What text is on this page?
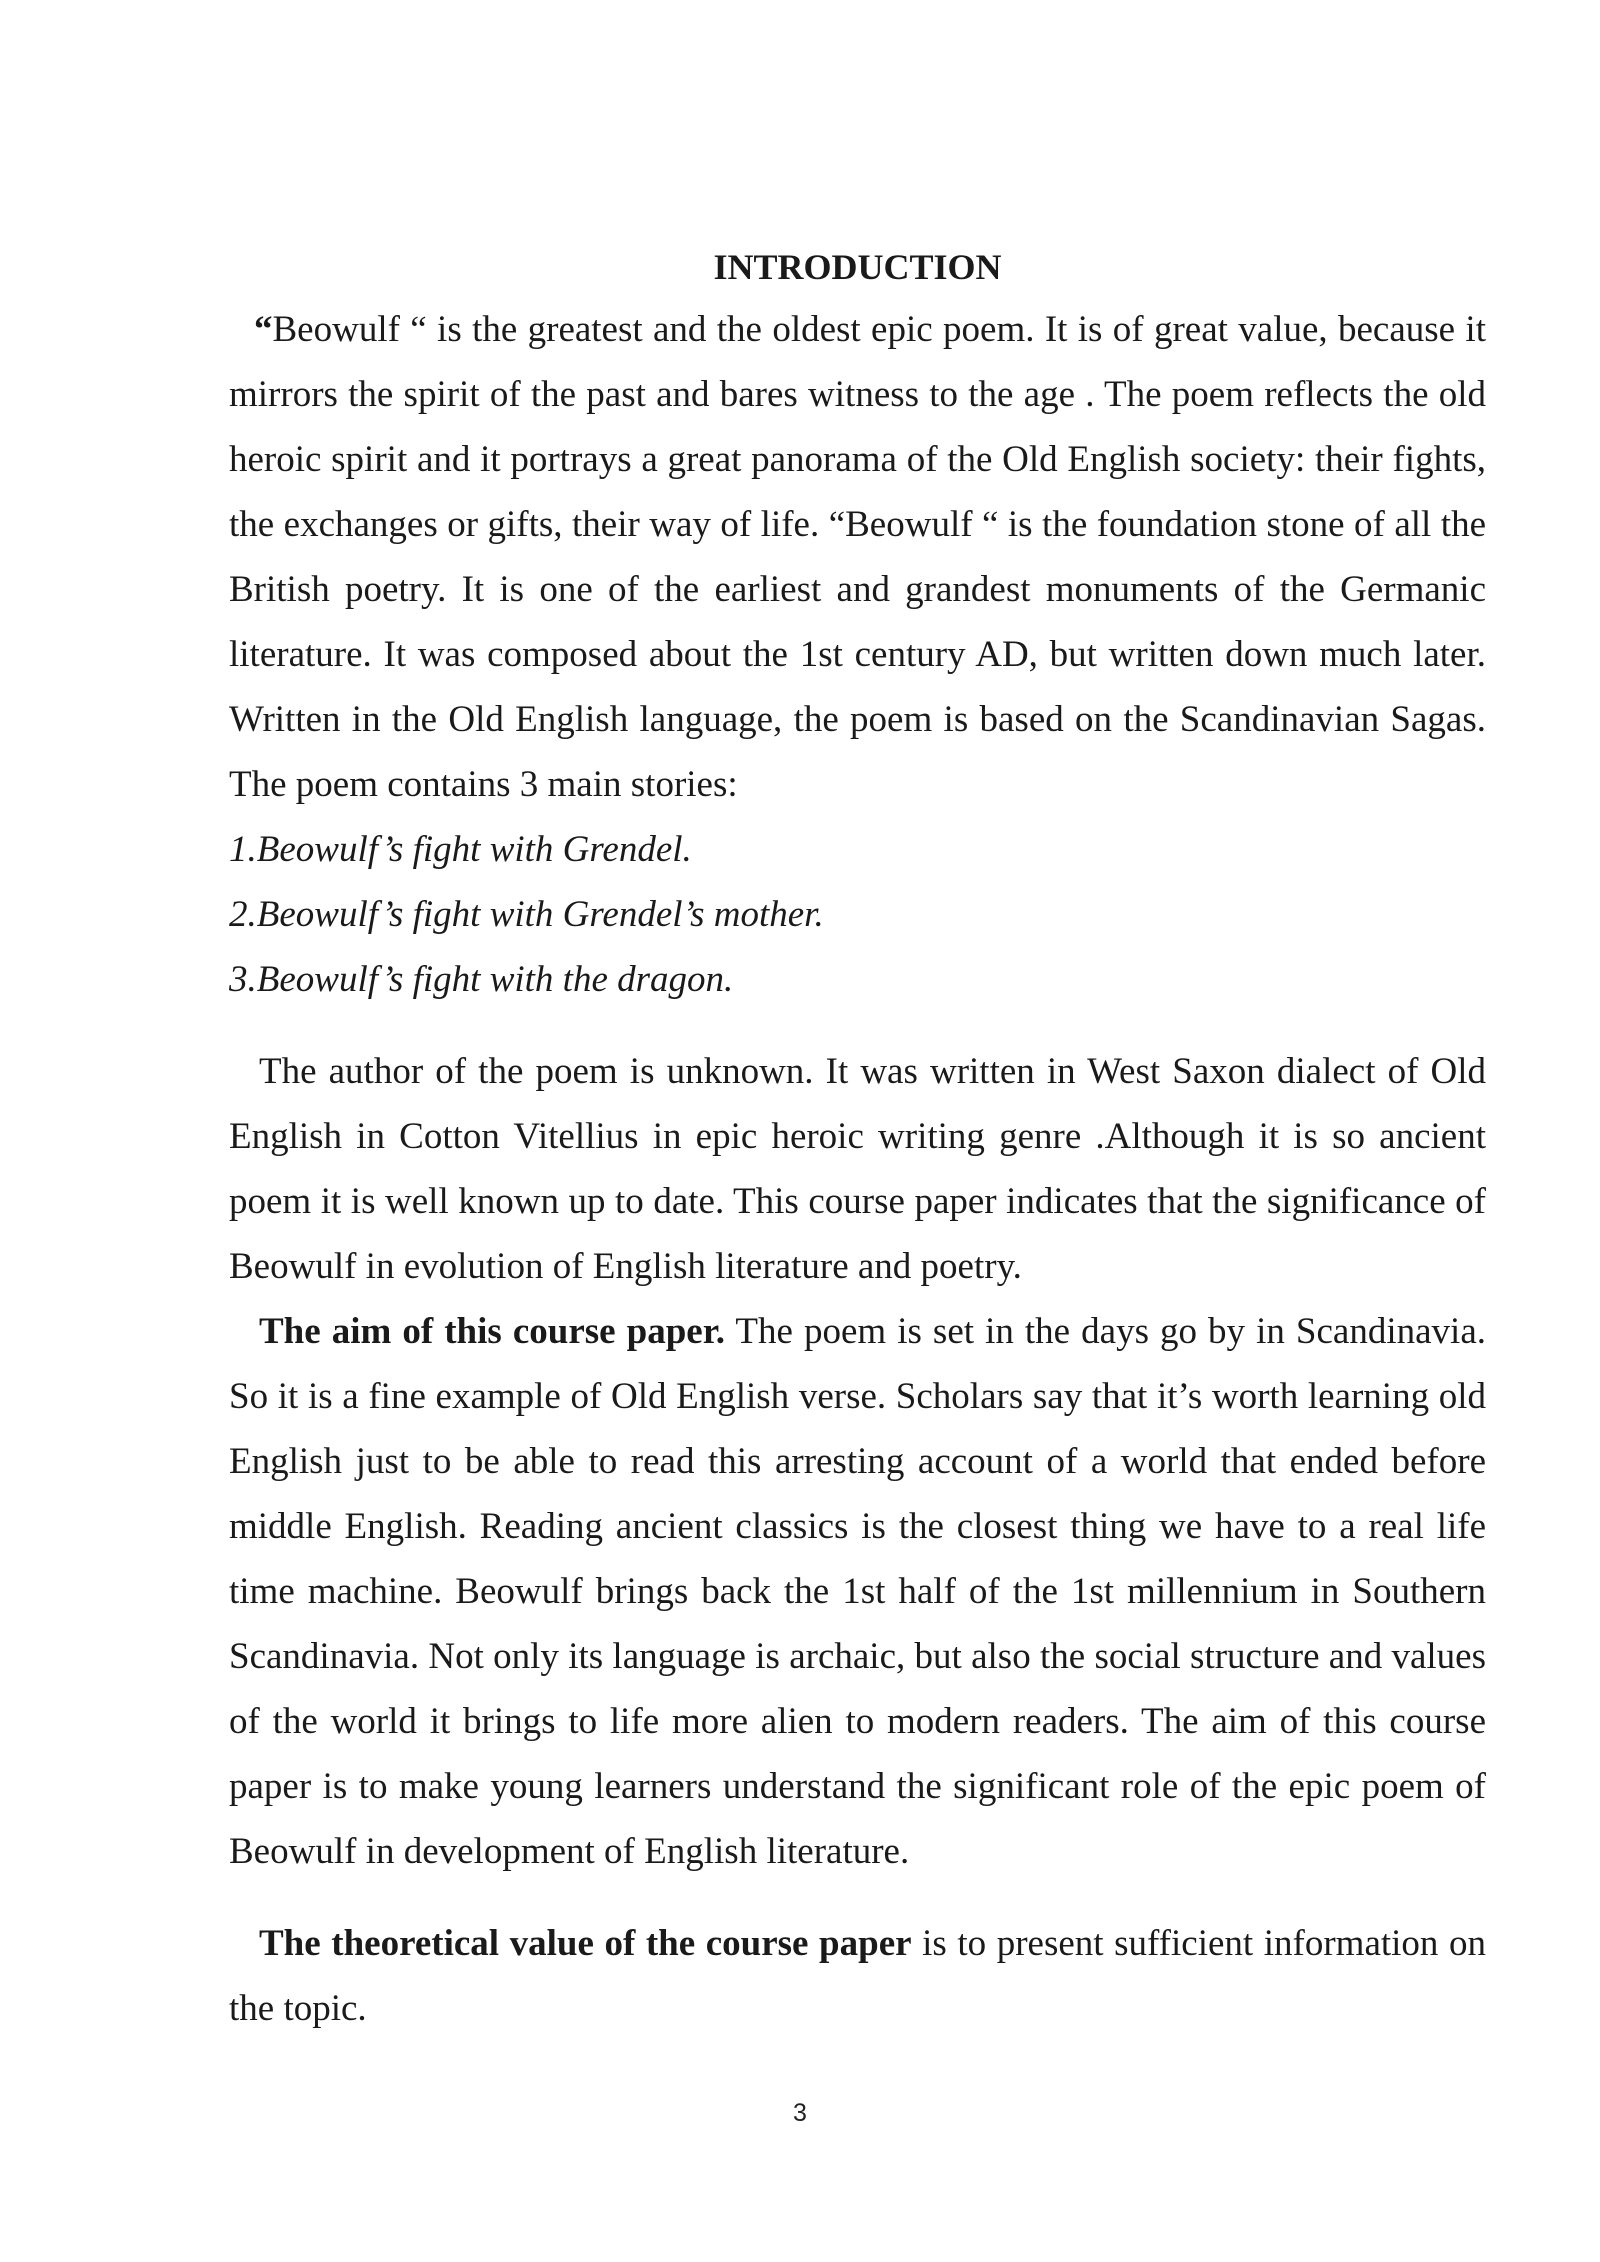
INTRODUCTION

“Beowulf “ is the greatest and the oldest epic poem. It is of great value, because it mirrors the spirit of the past and bares witness to the age . The poem reflects the old heroic spirit and it portrays a great panorama of the Old English society: their fights, the exchanges or gifts, their way of life. “Beowulf “ is the foundation stone of all the British poetry. It is one of the earliest and grandest monuments of the Germanic literature. It was composed about the 1st century AD, but written down much later. Written in the Old English language, the poem is based on the Scandinavian Sagas. The poem contains 3 main stories:

1.Beowulf’s fight with Grendel.
2.Beowulf’s fight with Grendel’s mother.
3.Beowulf’s fight with the dragon.

The author of the poem is unknown. It was written in West Saxon dialect of Old English in Cotton Vitellius in epic heroic writing genre .Although it is so ancient poem it is well known up to date. This course paper indicates that the significance of Beowulf in evolution of English literature and poetry.

The aim of this course paper. The poem is set in the days go by in Scandinavia. So it is a fine example of Old English verse. Scholars say that it’s worth learning old English just to be able to read this arresting account of a world that ended before middle English. Reading ancient classics is the closest thing we have to a real life time machine. Beowulf brings back the 1st half of the 1st millennium in Southern Scandinavia. Not only its language is archaic, but also the social structure and values of the world it brings to life more alien to modern readers. The aim of this course paper is to make young learners understand the significant role of the epic poem of Beowulf in development of English literature.

The theoretical value of the course paper is to present sufficient information on the topic.

3
